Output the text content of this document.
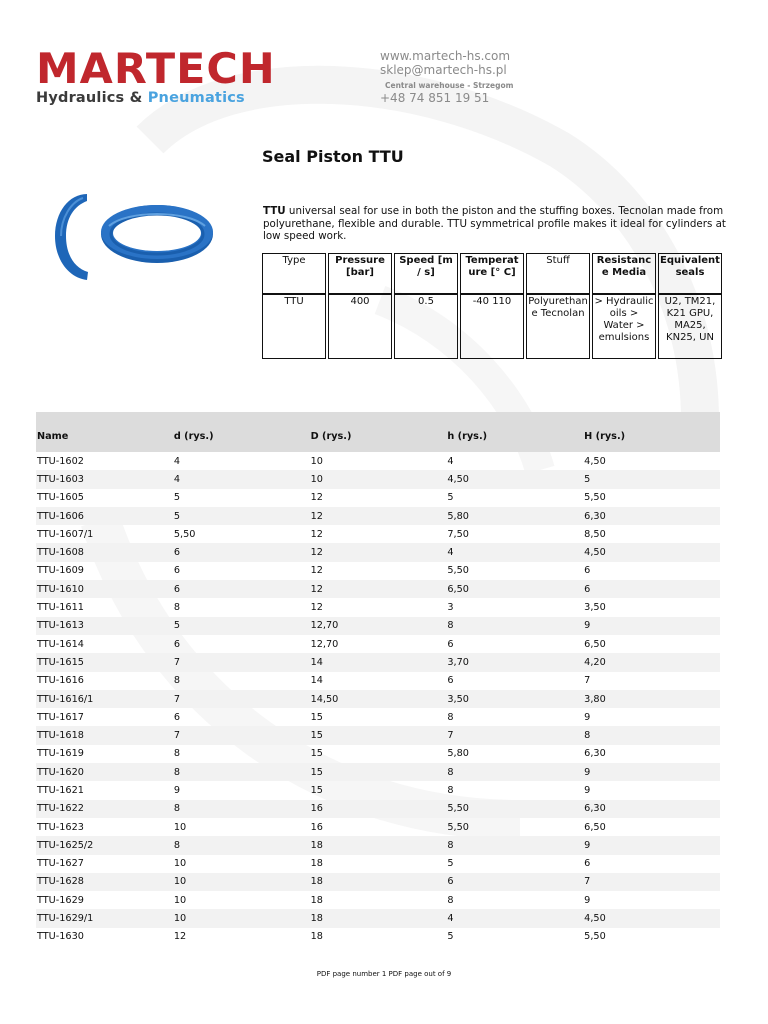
MARTECH
Hydraulics & Pneumatics
www.martech-hs.com
sklep@martech-hs.pl
Central warehouse - Strzegom
+48 74 851 19 51
Seal Piston TTU
TTU universal seal for use in both the piston and the stuffing boxes. Tecnolan made from polyurethane, flexible and durable. TTU symmetrical profile makes it ideal for cylinders at low speed work.
Type	Pressure [bar]	Speed [m / s]	Temperat ure [° C]	Stuff	Resistanc e Media	Equivalent seals
TTU	400	0.5	-40 110	Polyurethan e Tecnolan	> Hydraulic oils > Water > emulsions	U2, TM21, K21 GPU, MA25, KN25, UN
Name	d (rys.)	D (rys.)	h (rys.)	H (rys.)
TTU-1602	4	10	4	4,50
TTU-1603	4	10	4,50	5
TTU-1605	5	12	5	5,50
TTU-1606	5	12	5,80	6,30
TTU-1607/1	5,50	12	7,50	8,50
TTU-1608	6	12	4	4,50
TTU-1609	6	12	5,50	6
TTU-1610	6	12	6,50	6
TTU-1611	8	12	3	3,50
TTU-1613	5	12,70	8	9
TTU-1614	6	12,70	6	6,50
TTU-1615	7	14	3,70	4,20
TTU-1616	8	14	6	7
TTU-1616/1	7	14,50	3,50	3,80
TTU-1617	6	15	8	9
TTU-1618	7	15	7	8
TTU-1619	8	15	5,80	6,30
TTU-1620	8	15	8	9
TTU-1621	9	15	8	9
TTU-1622	8	16	5,50	6,30
TTU-1623	10	16	5,50	6,50
TTU-1625/2	8	18	8	9
TTU-1627	10	18	5	6
TTU-1628	10	18	6	7
TTU-1629	10	18	8	9
TTU-1629/1	10	18	4	4,50
TTU-1630	12	18	5	5,50
PDF page number 1 PDF page out of 9
